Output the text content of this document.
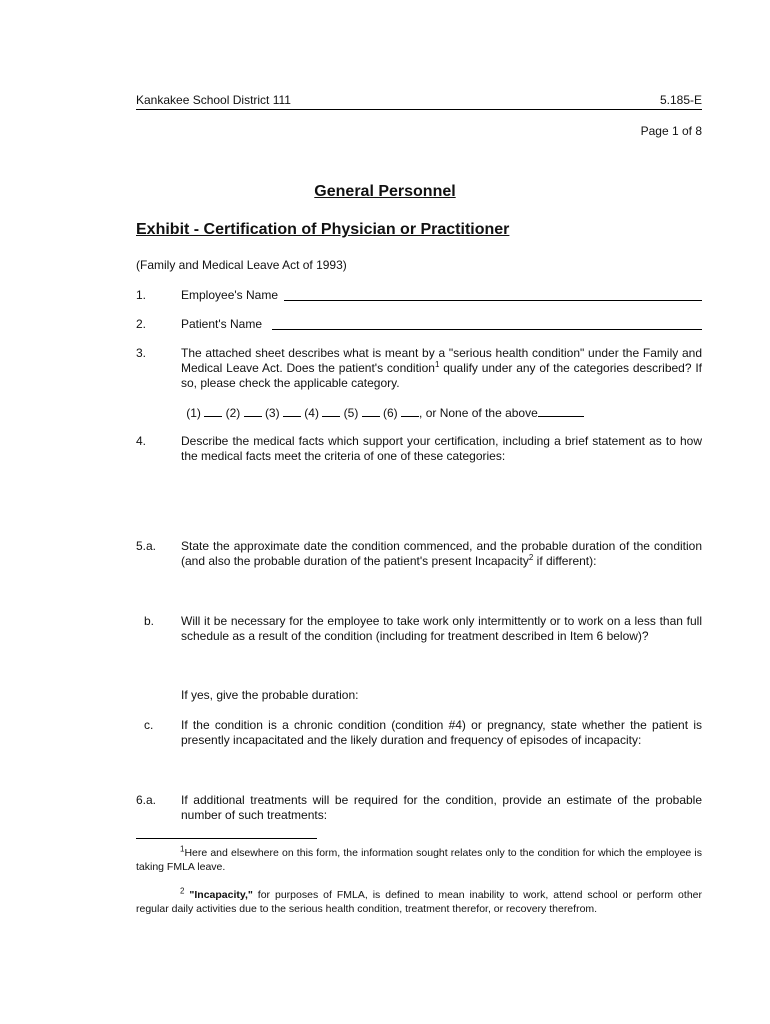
Kankakee School District 111	5.185-E
Page 1 of 8
General Personnel
Exhibit - Certification of Physician or Practitioner
(Family and Medical Leave Act of 1993)
1.	Employee's Name
2.	Patient's Name
3.	The attached sheet describes what is meant by a "serious health condition" under the Family and Medical Leave Act. Does the patient's condition$^1$ qualify under any of the categories described? If so, please check the applicable category.
(1) (2) (3) (4) (5) (6) , or None of the above
4.	Describe the medical facts which support your certification, including a brief statement as to how the medical facts meet the criteria of one of these categories:
5.a.	State the approximate date the condition commenced, and the probable duration of the condition (and also the probable duration of the patient's present Incapacity$^2$ if different):
b. Will it be necessary for the employee to take work only intermittently or to work on a less than full schedule as a result of the condition (including for treatment described in Item 6 below)?
If yes, give the probable duration:
c. If the condition is a chronic condition (condition #4) or pregnancy, state whether the patient is presently incapacitated and the likely duration and frequency of episodes of incapacity:
6.a.	If additional treatments will be required for the condition, provide an estimate of the probable number of such treatments:
$^1$Here and elsewhere on this form, the information sought relates only to the condition for which the employee is taking FMLA leave.
$^2$ "Incapacity," for purposes of FMLA, is defined to mean inability to work, attend school or perform other regular daily activities due to the serious health condition, treatment therefor, or recovery therefrom.
